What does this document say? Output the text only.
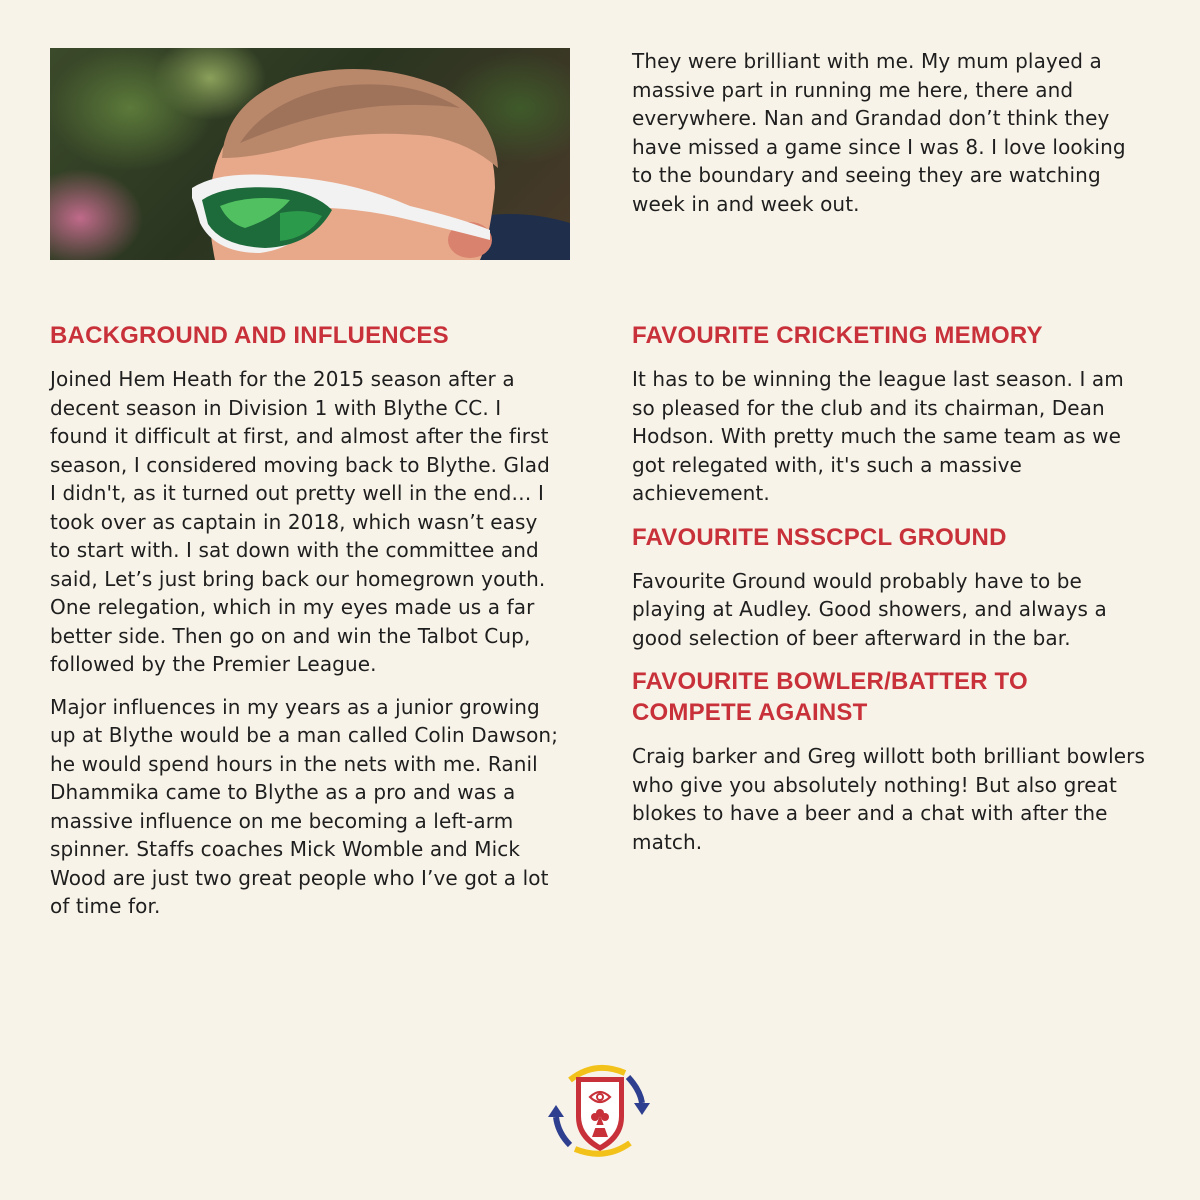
They were brilliant with me. My mum played a massive part in running me here, there and everywhere. Nan and Grandad don’t think they have missed a game since I was 8. I love looking to the boundary and seeing they are watching week in and week out.

BACKGROUND AND INFLUENCES

Joined Hem Heath for the 2015 season after a decent season in Division 1 with Blythe CC. I found it difficult at first, and almost after the first season, I considered moving back to Blythe. Glad I didn't, as it turned out pretty well in the end… I took over as captain in 2018, which wasn’t easy to start with. I sat down with the committee and said, Let’s just bring back our homegrown youth. One relegation, which in my eyes made us a far better side. Then go on and win the Talbot Cup, followed by the Premier League.

Major influences in my years as a junior growing up at Blythe would be a man called Colin Dawson; he would spend hours in the nets with me. Ranil Dhammika came to Blythe as a pro and was a massive influence on me becoming a left-arm spinner. Staffs coaches Mick Womble and Mick Wood are just two great people who I’ve got a lot of time for.

FAVOURITE CRICKETING MEMORY

It has to be winning the league last season. I am so pleased for the club and its chairman, Dean Hodson. With pretty much the same team as we got relegated with, it's such a massive achievement.

FAVOURITE NSSCPCL GROUND

Favourite Ground would probably have to be playing at Audley. Good showers, and always a good selection of beer afterward in the bar.

FAVOURITE BOWLER/BATTER TO COMPETE AGAINST

Craig barker and Greg willott both brilliant bowlers who give you absolutely nothing! But also great blokes to have a beer and a chat with after the match.
